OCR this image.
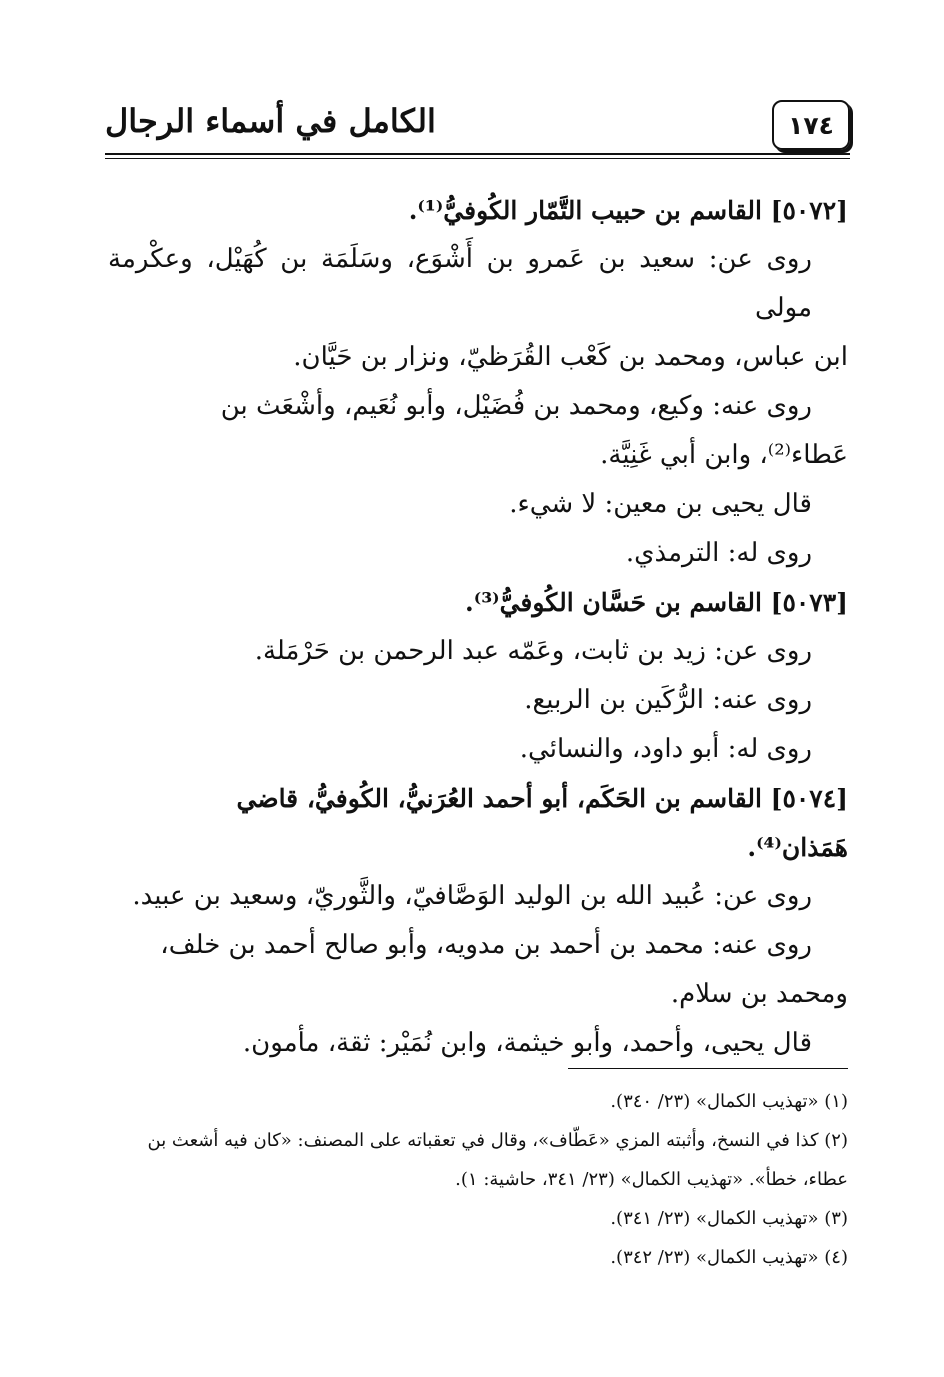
الكامل في أسماء الرجال	١٧٤

[٥٠٧٢] القاسم بن حبيب التَّمّار الكُوفيُّ⁽¹⁾.

روى عن: سعيد بن عَمرو بن أَشْوَع، وسَلَمَة بن كُهَيْل، وعكْرمة مولى

ابن عباس، ومحمد بن كَعْب القُرَظيّ، ونزار بن حَيَّان.

روى عنه: وكيع، ومحمد بن فُضَيْل، وأبو نُعَيم، وأشْعَث بن

عَطاء⁽²⁾، وابن أبي غَنِيَّة.

قال يحيى بن معين: لا شيء.

روى له: الترمذي.

[٥٠٧٣] القاسم بن حَسَّان الكُوفيُّ⁽³⁾.

روى عن: زيد بن ثابت، وعَمّه عبد الرحمن بن حَرْمَلة.

روى عنه: الرُّكَين بن الربيع.

روى له: أبو داود، والنسائي.

[٥٠٧٤] القاسم بن الحَكَم، أبو أحمد العُرَنيُّ، الكُوفيُّ، قاضي

هَمَذان⁽⁴⁾.

روى عن: عُبيد الله بن الوليد الوَصَّافيّ، والثَّوريّ، وسعيد بن عبيد.

روى عنه: محمد بن أحمد بن مدويه، وأبو صالح أحمد بن خلف،

ومحمد بن سلام.

قال يحيى، وأحمد، وأبو خيثمة، وابن نُمَيْر: ثقة، مأمون.

(١) «تهذيب الكمال» (٢٣/ ٣٤٠).

(٢) كذا في النسخ، وأثبته المزي «عَطّاف»، وقال في تعقباته على المصنف: «كان فيه أشعث بن

عطاء، خطأ». «تهذيب الكمال» (٢٣/ ٣٤١، حاشية: ١).

(٣) «تهذيب الكمال» (٢٣/ ٣٤١).

(٤) «تهذيب الكمال» (٢٣/ ٣٤٢).
